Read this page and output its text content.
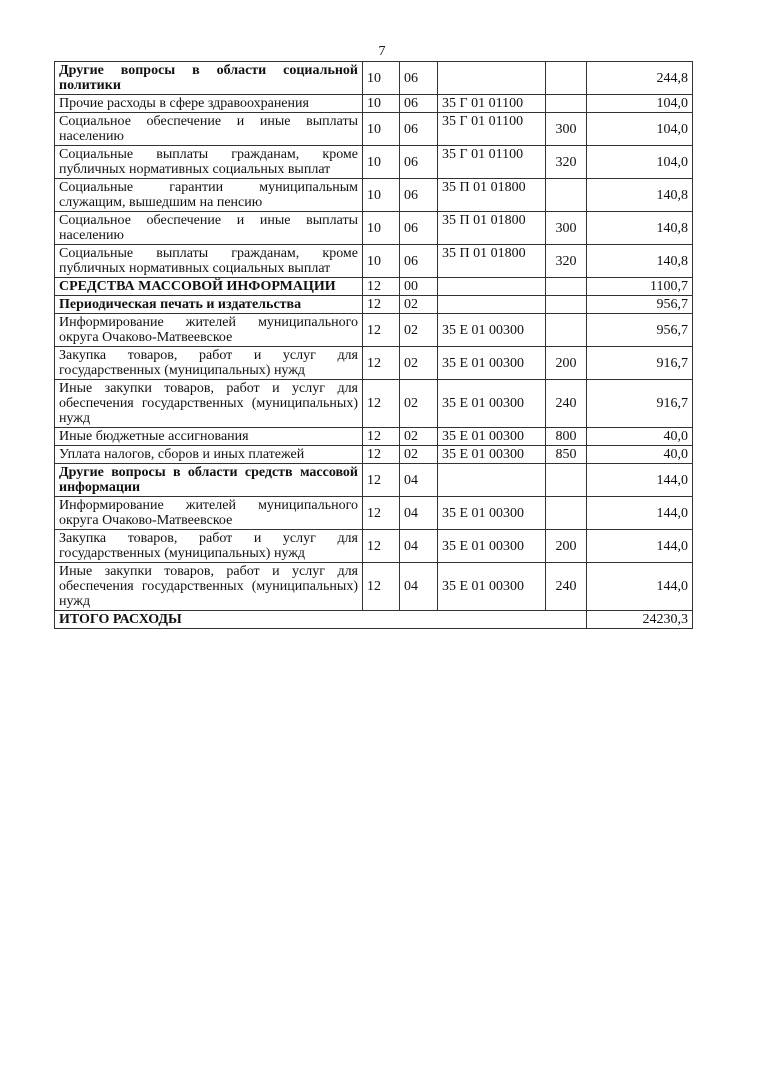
7
Другие вопросы в области социальной политики	10	06			244,8
Прочие расходы в сфере здравоохранения	10	06	35 Г 01 01100		104,0
Социальное обеспечение и иные выплаты населению	10	06	35 Г 01 01100	300	104,0
Социальные выплаты гражданам, кроме публичных нормативных социальных выплат	10	06	35 Г 01 01100	320	104,0
Социальные гарантии муниципальным служащим, вышедшим на пенсию	10	06	35 П 01 01800		140,8
Социальное обеспечение и иные выплаты населению	10	06	35 П 01 01800	300	140,8
Социальные выплаты гражданам, кроме публичных нормативных социальных выплат	10	06	35 П 01 01800	320	140,8
СРЕДСТВА МАССОВОЙ ИНФОРМАЦИИ	12	00			1100,7
Периодическая печать и издательства	12	02			956,7
Информирование жителей муниципального округа Очаково-Матвеевское	12	02	35 Е 01 00300		956,7
Закупка товаров, работ и услуг для государственных (муниципальных) нужд	12	02	35 Е 01 00300	200	916,7
Иные закупки товаров, работ и услуг для обеспечения государственных (муниципальных) нужд	12	02	35 Е 01 00300	240	916,7
Иные бюджетные ассигнования	12	02	35 Е 01 00300	800	40,0
Уплата налогов, сборов и иных платежей	12	02	35 Е 01 00300	850	40,0
Другие вопросы в области средств массовой информации	12	04			144,0
Информирование жителей муниципального округа Очаково-Матвеевское	12	04	35 Е 01 00300		144,0
Закупка товаров, работ и услуг для государственных (муниципальных) нужд	12	04	35 Е 01 00300	200	144,0
Иные закупки товаров, работ и услуг для обеспечения государственных (муниципальных) нужд	12	04	35 Е 01 00300	240	144,0
ИТОГО РАСХОДЫ					24230,3
